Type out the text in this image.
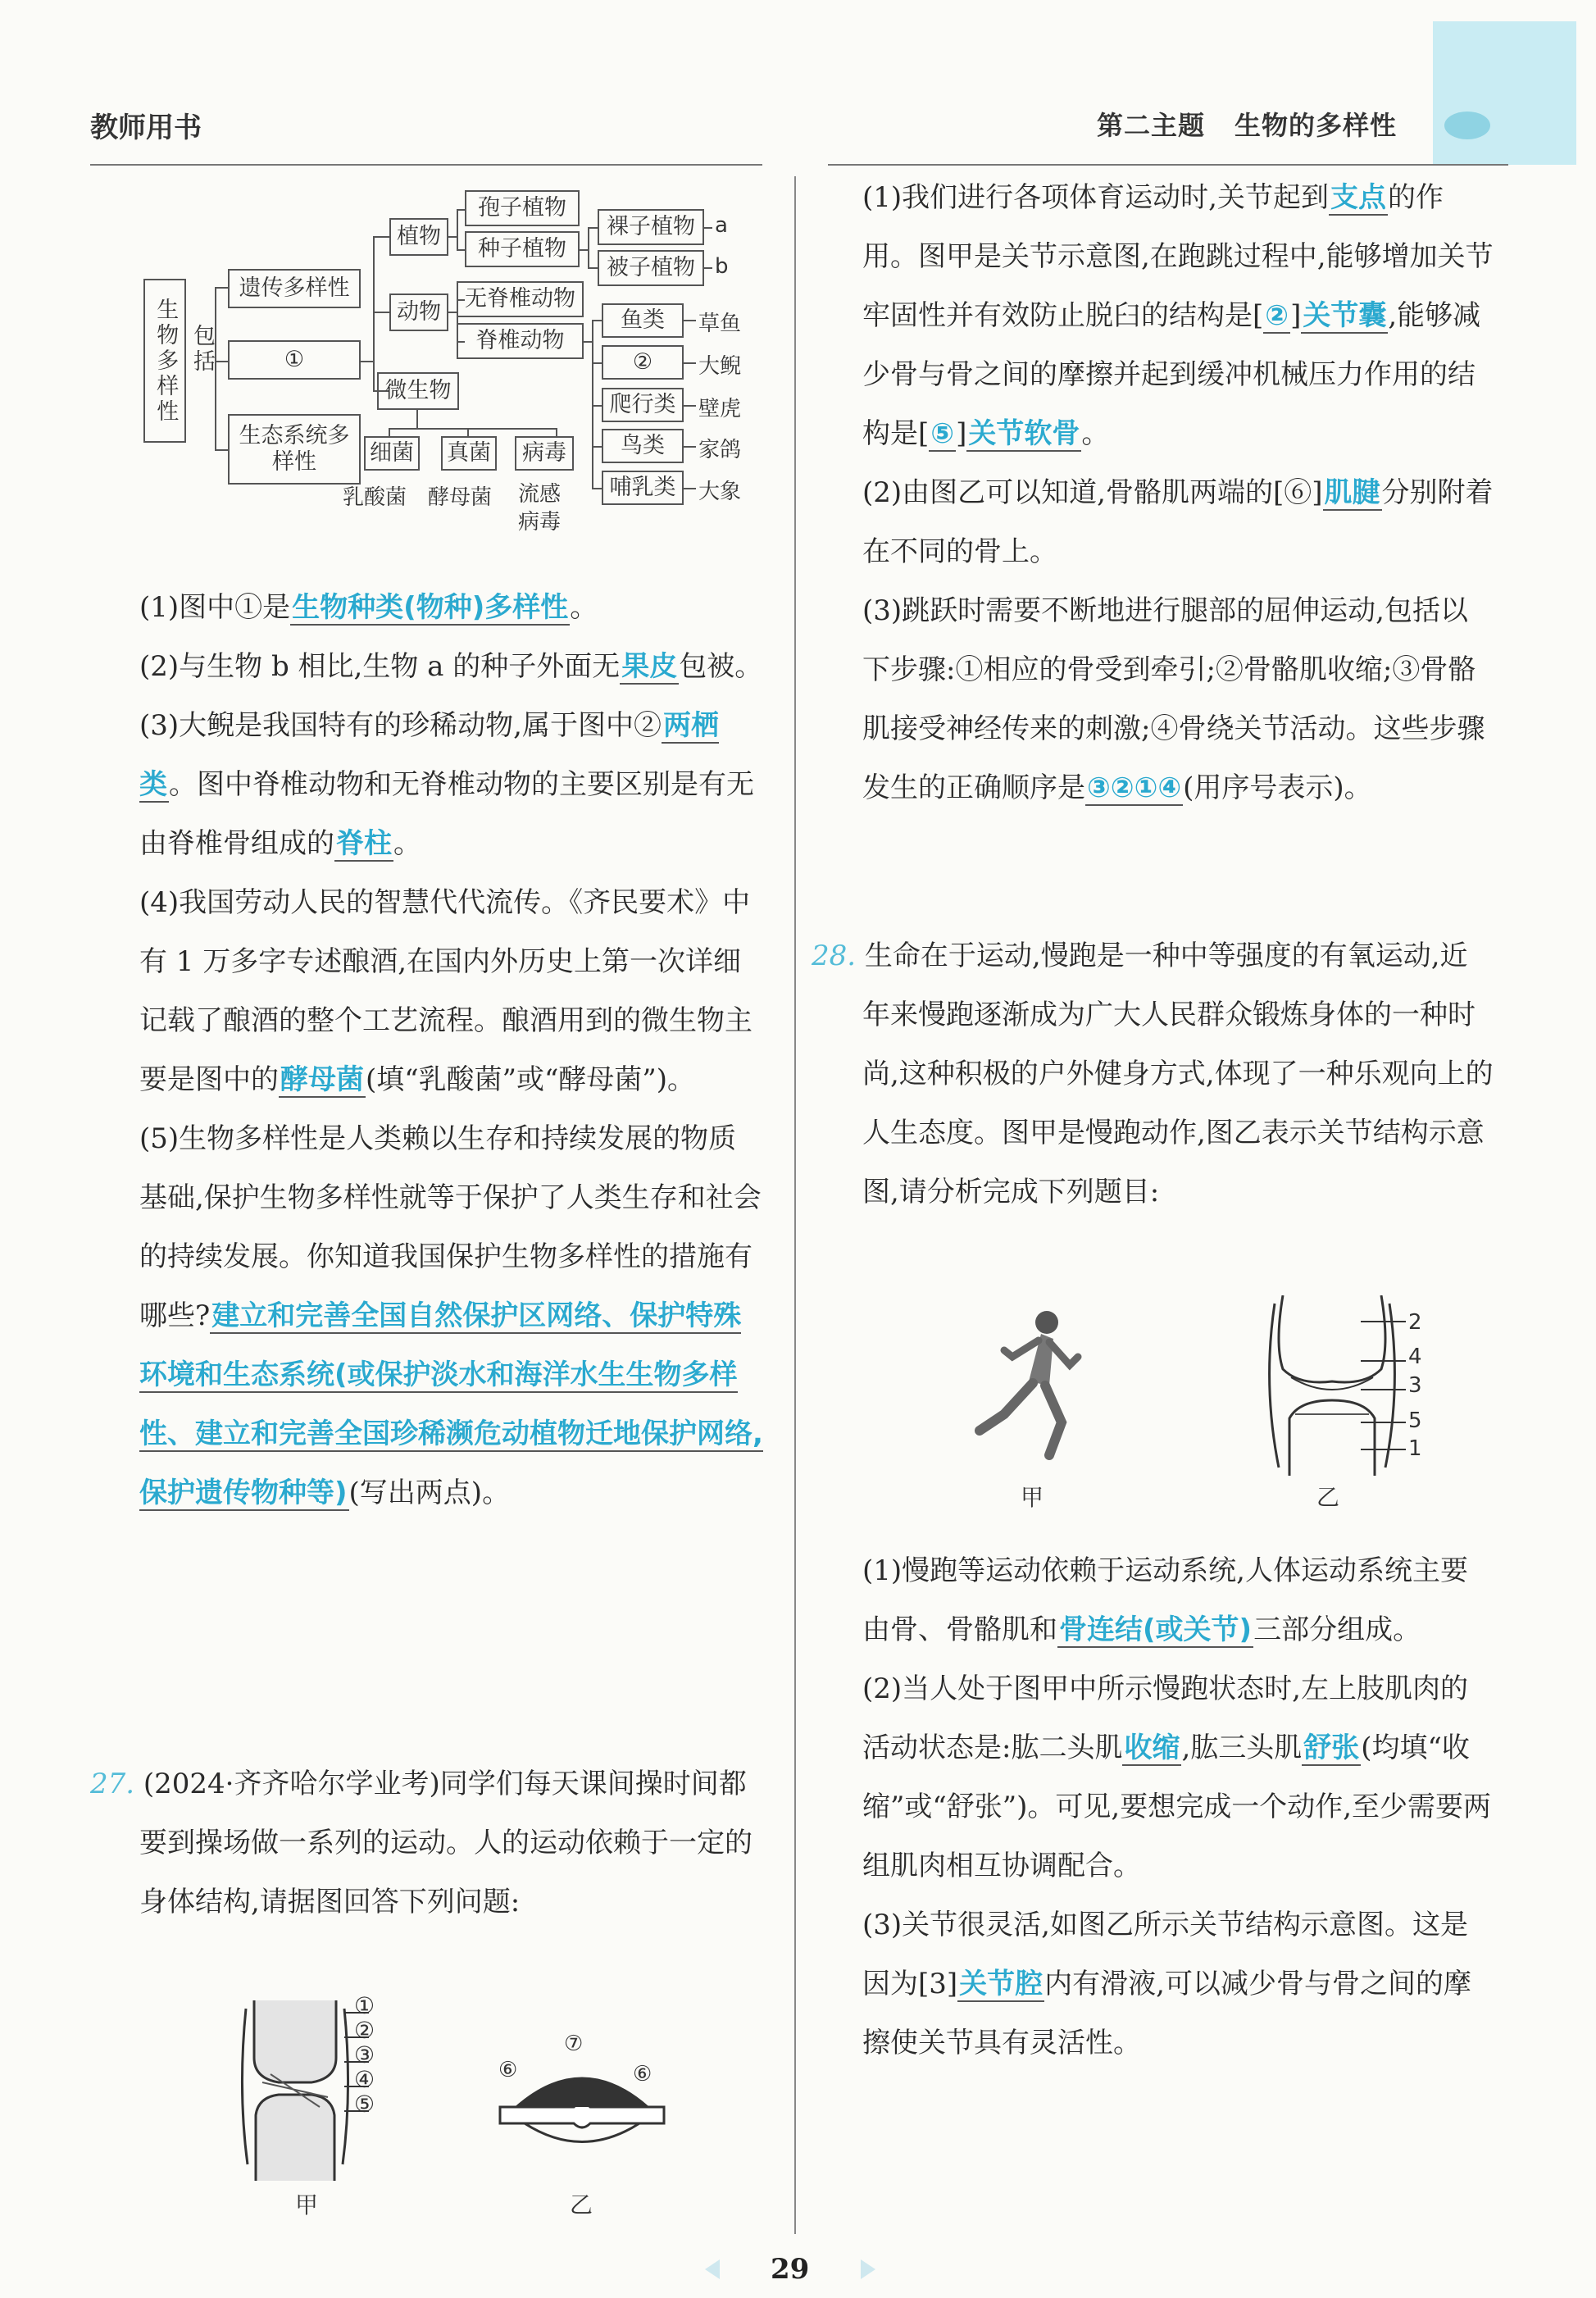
教师用书	第二主题 生物的多样性
生物多样性 包括
遗传多样性
①
生态系统多样性
植物
动物
微生物
孢子植物
种子植物
裸子植物
被子植物
a
b
无脊椎动物
脊椎动物
鱼类
②
爬行类
鸟类
哺乳类
草鱼
大鲵
壁虎
家鸽
大象
细菌 真菌	病毒
乳酸菌 酵母菌 流感病毒

(1)图中①是生物种类(物种)多样性。

(2)与生物 b 相比,生物 a 的种子外面无果皮包被。

(3)大鲵是我国特有的珍稀动物,属于图中②两栖类。图中脊椎动物和无脊椎动物的主要区别是有无由脊椎骨组成的脊柱。

(4)我国劳动人民的智慧代代流传。《齐民要术》中有 1 万多字专述酿酒,在国内外历史上第一次详细记载了酿酒的整个工艺流程。酿酒用到的微生物主要是图中的酵母菌(填“乳酸菌”或“酵母菌”)。

(5)生物多样性是人类赖以生存和持续发展的物质基础,保护生物多样性就等于保护了人类生存和社会的持续发展。你知道我国保护生物多样性的措施有哪些?建立和完善全国自然保护区网络、保护特殊环境和生态系统(或保护淡水和海洋水生生物多样性、建立和完善全国珍稀濒危动植物迁地保护网络,保护遗传物种等)(写出两点)。

27. (2024·齐齐哈尔学业考)同学们每天课间操时间都要到操场做一系列的运动。人的运动依赖于一定的身体结构,请据图回答下列问题:

①
②
③
④
⑤
甲
⑦
⑥	⑥
乙

(1)我们进行各项体育运动时,关节起到支点的作用。图甲是关节示意图,在跑跳过程中,能够增加关节牢固性并有效防止脱臼的结构是[②]关节囊,能够减少骨与骨之间的摩擦并起到缓冲机械压力作用的结构是[⑤]关节软骨。

(2)由图乙可以知道,骨骼肌两端的[⑥]肌腱分别附着在不同的骨上。

(3)跳跃时需要不断地进行腿部的屈伸运动,包括以下步骤:①相应的骨受到牵引;②骨骼肌收缩;③骨骼肌接受神经传来的刺激;④骨绕关节活动。这些步骤发生的正确顺序是③②①④(用序号表示)。

28. 生命在于运动,慢跑是一种中等强度的有氧运动,近年来慢跑逐渐成为广大人民群众锻炼身体的一种时尚,这种积极的户外健身方式,体现了一种乐观向上的人生态度。图甲是慢跑动作,图乙表示关节结构示意图,请分析完成下列题目:

甲
2
4
3
5
1
乙

(1)慢跑等运动依赖于运动系统,人体运动系统主要由骨、骨骼肌和骨连结(或关节)三部分组成。

(2)当人处于图甲中所示慢跑状态时,左上肢肌肉的活动状态是:肱二头肌收缩,肱三头肌舒张(均填“收缩”或“舒张”)。可见,要想完成一个动作,至少需要两组肌肉相互协调配合。

(3)关节很灵活,如图乙所示关节结构示意图。这是因为[3]关节腔内有滑液,可以减少骨与骨之间的摩擦使关节具有灵活性。

29
